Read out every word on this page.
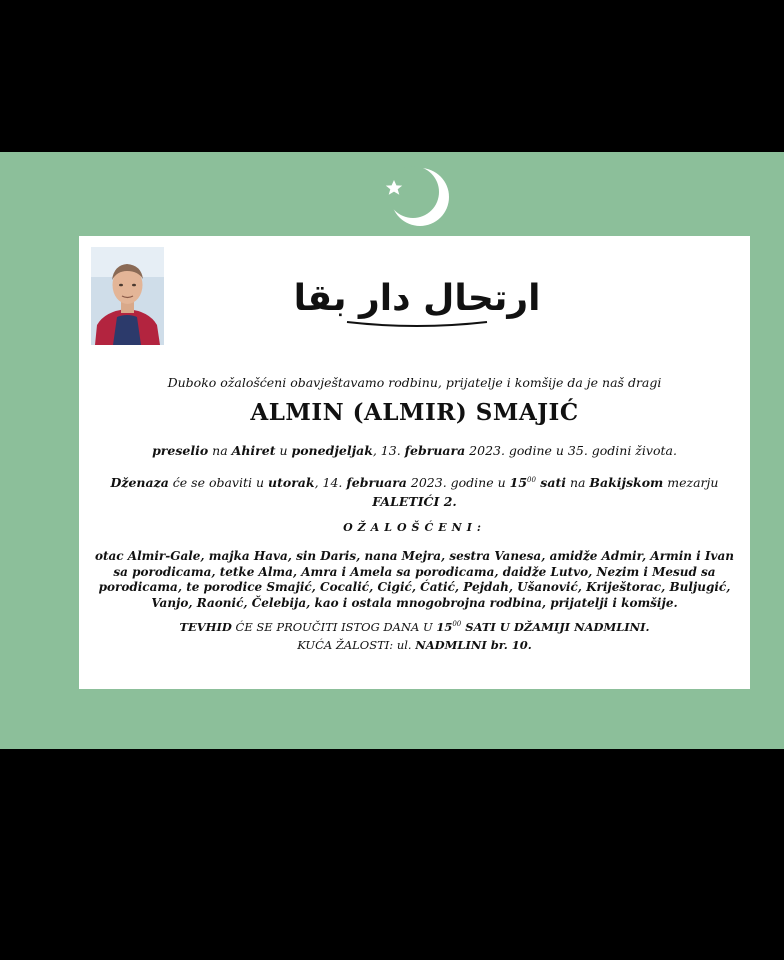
ارتحال دار بقا
Duboko ožalošćeni obavještavamo rodbinu, prijatelje i komšije da je naš dragi
ALMIN (ALMIR) SMAJIĆ
preselio na Ahiret u ponedjeljak, 13. februara 2023. godine u 35. godini života.
Dženaza će se obaviti u utorak, 14. februara 2023. godine u $15^{00}$ sati na Bakijskom mezarju
FALETIĆI 2.
OŽALOŠĆENI:
otac Almir-Gale, majka Hava, sin Daris, nana Mejra, sestra Vanesa, amidže Admir, Armin i Ivan sa porodicama, tetke Alma, Amra i Amela sa porodicama, daidže Lutvo, Nezim i Mesud sa porodicama, te porodice Smajić, Cocalić, Cigić, Ćatić, Pejdah, Ušanović, Kriještorac, Buljugić, Vanjo, Raonić, Čelebija, kao i ostala mnogobrojna rodbina, prijatelji i komšije.
TEVHID ĆE SE PROUČITI ISTOG DANA U $15^{00}$ SATI U DŽAMIJI NADMLINI.
KUĆA ŽALOSTI: ul. NADMLINI br. 10.
